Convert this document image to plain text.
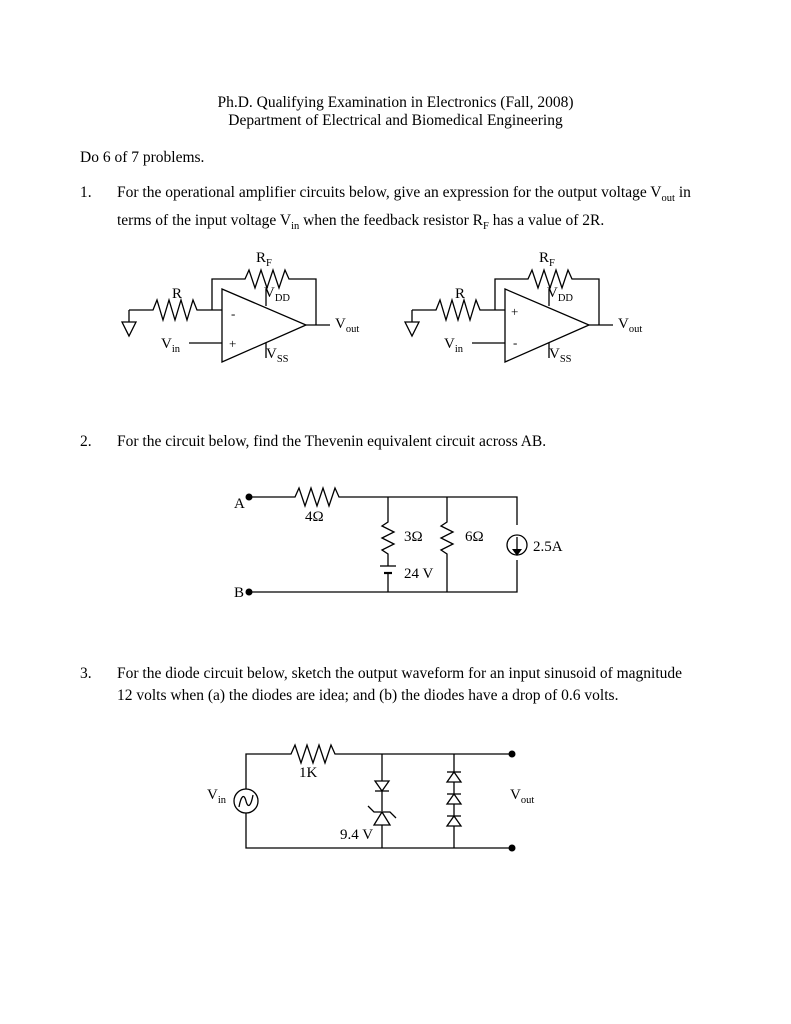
Ph.D. Qualifying Examination in Electronics (Fall, 2008)
Department of Electrical and Biomedical Engineering
Do 6 of 7 problems.
1. For the operational amplifier circuits below, give an expression for the output voltage $V_{out}$ in terms of the input voltage $V_{in}$ when the feedback resistor $R_F$ has a value of 2R.
2. For the circuit below, find the Thevenin equivalent circuit across AB.
3. For the diode circuit below, sketch the output waveform for an input sinusoid of magnitude 12 volts when (a) the diodes are idea; and (b) the diodes have a drop of 0.6 volts.
$R_F$
R	$V_{DD}$
$V_{SS}$
$V_{out}$
$V_{in}$
-
+
$R_F$
R	$V_{DD}$
$V_{SS}$
$V_{out}$
$V_{in}$
+
-
A
B
4Ω
3Ω	6Ω
24 V
2.5A
1K
$V_{in}$	$V_{out}$
9.4 V
